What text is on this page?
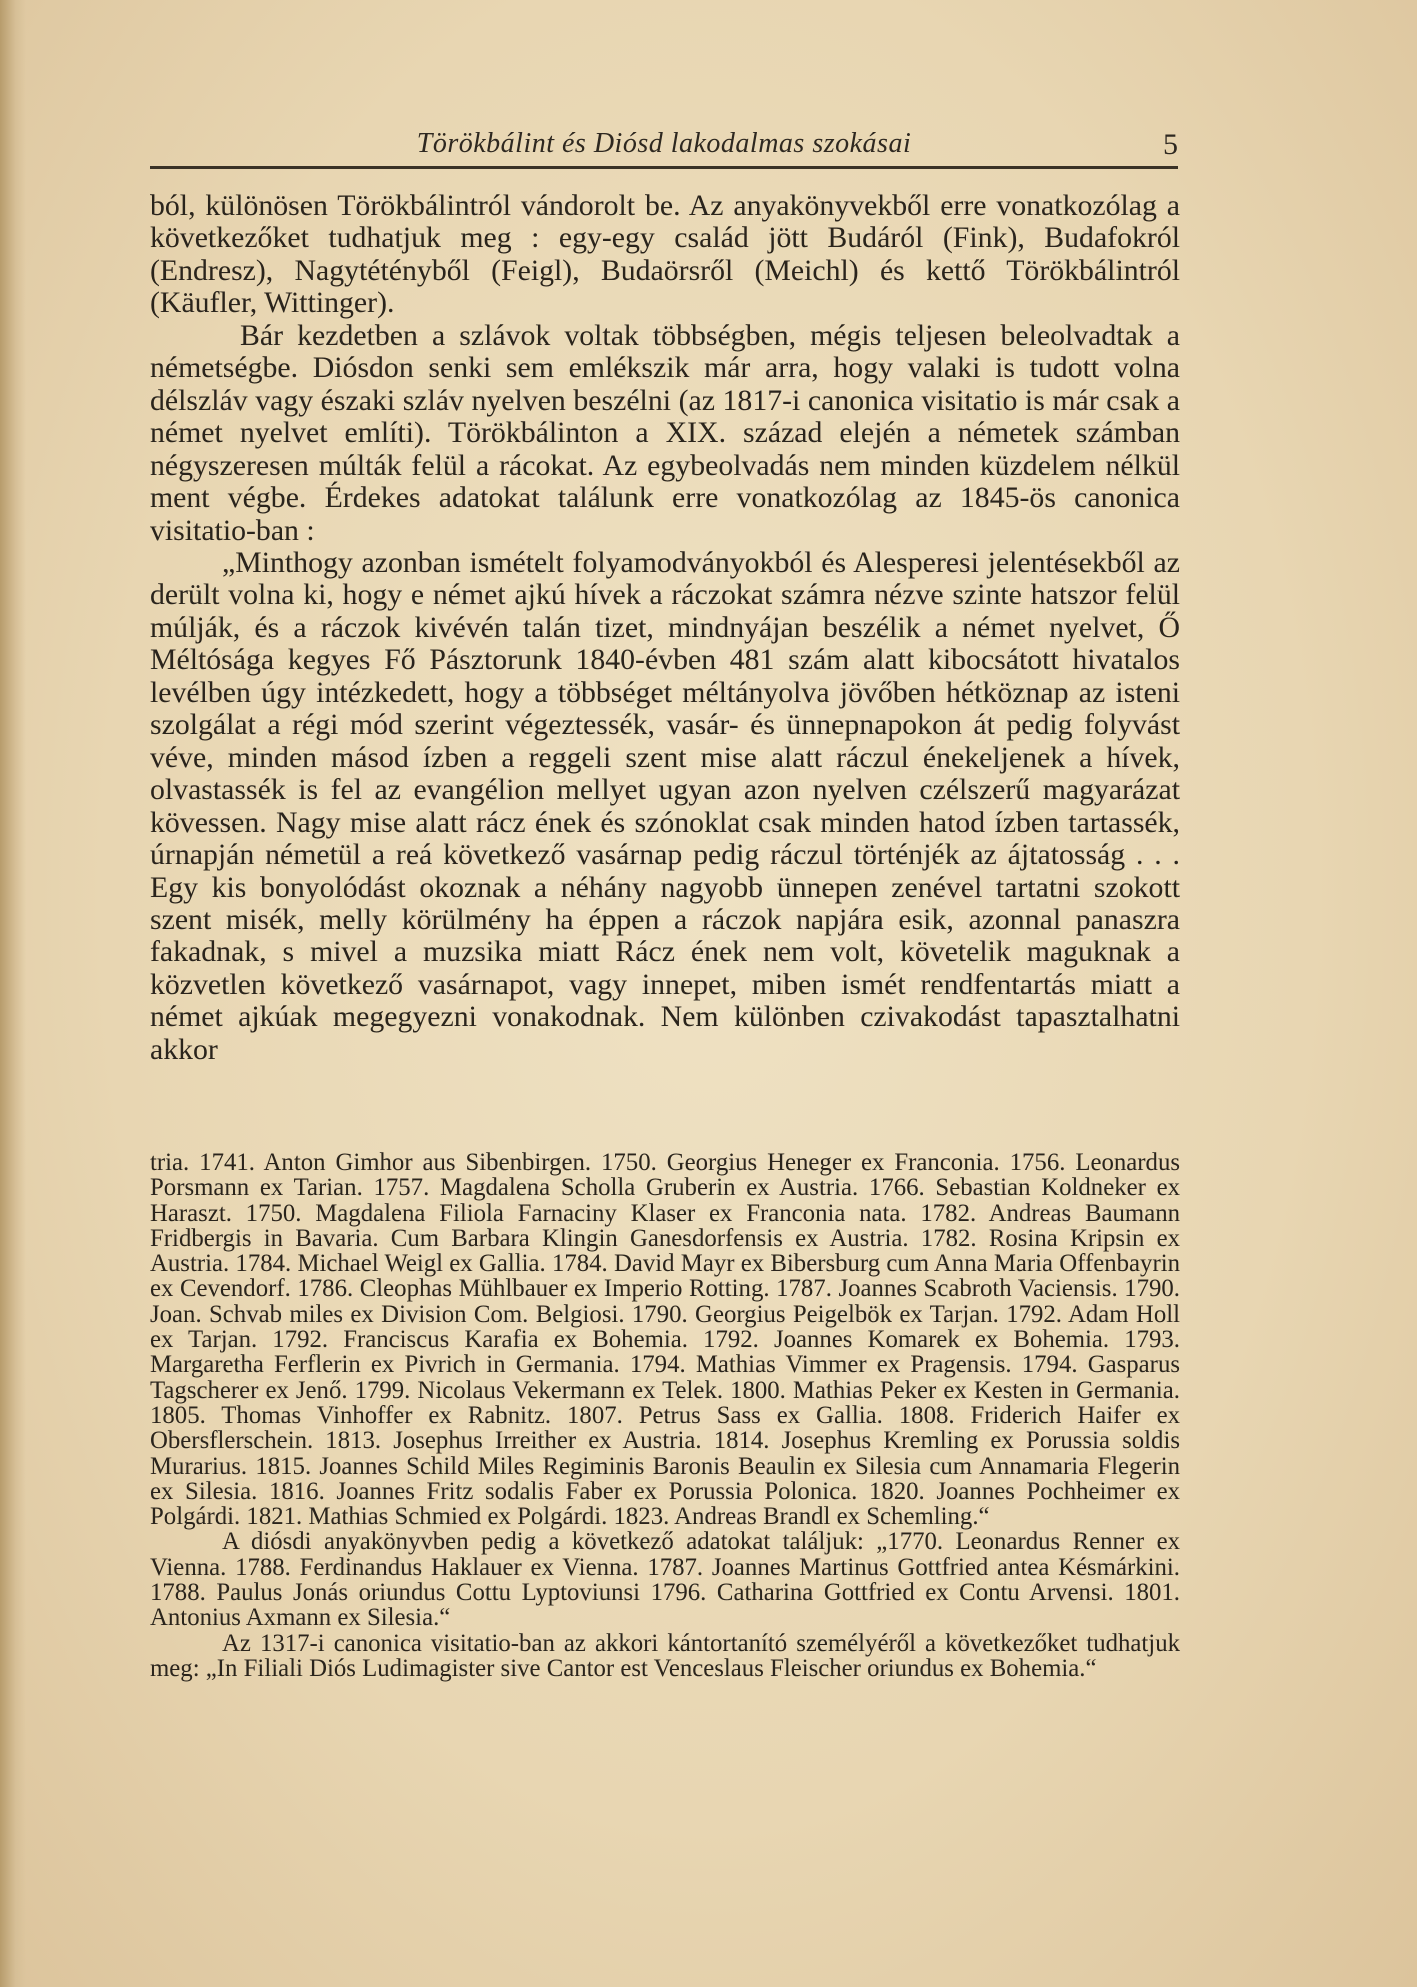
Törökbálint és Diósd lakodalmas szokásai	5

ból, különösen Törökbálintról vándorolt be. Az anyakönyvekből erre vonatkozólag a következőket tudhatjuk meg : egy-egy család jött Budáról (Fink), Budafokról (Endresz), Nagytétényből (Feigl), Budaörsről (Meichl) és kettő Törökbálintról (Käufler, Wittinger).

Bár kezdetben a szlávok voltak többségben, mégis teljesen beleolvadtak a németségbe. Diósdon senki sem emlékszik már arra, hogy valaki is tudott volna délszláv vagy északi szláv nyelven beszélni (az 1817-i canonica visitatio is már csak a német nyelvet említi). Törökbálinton a XIX. század elején a németek számban négyszeresen múlták felül a rácokat. Az egybeolvadás nem minden küzdelem nélkül ment végbe. Érdekes adatokat találunk erre vonatkozólag az 1845-ös canonica visitatio-ban :

„Minthogy azonban ismételt folyamodványokból és Alesperesi jelentésekből az derült volna ki, hogy e német ajkú hívek a ráczokat számra nézve szinte hatszor felül múlják, és a ráczok kivévén talán tizet, mindnyájan beszélik a német nyelvet, Ő Méltósága kegyes Fő Pásztorunk 1840-évben 481 szám alatt kibocsátott hivatalos levélben úgy intézkedett, hogy a többséget méltányolva jövőben hétköznap az isteni szolgálat a régi mód szerint végeztessék, vasár- és ünnepnapokon át pedig folyvást véve, minden másod ízben a reggeli szent mise alatt ráczul énekeljenek a hívek, olvastassék is fel az evangélion mellyet ugyan azon nyelven czélszerű magyarázat kövessen. Nagy mise alatt rácz ének és szónoklat csak minden hatod ízben tartassék, úrnapján németül a reá következő vasárnap pedig ráczul történjék az ájtatosság . . . Egy kis bonyolódást okoznak a néhány nagyobb ünnepen zenével tartatni szokott szent misék, melly körülmény ha éppen a ráczok napjára esik, azonnal panaszra fakadnak, s mivel a muzsika miatt Rácz ének nem volt, követelik maguknak a közvetlen következő vasárnapot, vagy innepet, miben ismét rendfentartás miatt a német ajkúak megegyezni vonakodnak. Nem különben czivakodást tapasztalhatni akkor

tria. 1741. Anton Gimhor aus Sibenbirgen. 1750. Georgius Heneger ex Franconia. 1756. Leonardus Porsmann ex Tarian. 1757. Magdalena Scholla Gruberin ex Austria. 1766. Sebastian Koldneker ex Haraszt. 1750. Magdalena Filiola Farnaciny Klaser ex Franconia nata. 1782. Andreas Baumann Fridbergis in Bavaria. Cum Barbara Klingin Ganesdorfensis ex Austria. 1782. Rosina Kripsin ex Austria. 1784. Michael Weigl ex Gallia. 1784. David Mayr ex Bibersburg cum Anna Maria Offenbayrin ex Cevendorf. 1786. Cleophas Mühlbauer ex Imperio Rotting. 1787. Joannes Scabroth Vaciensis. 1790. Joan. Schvab miles ex Division Com. Belgiosi. 1790. Georgius Peigelbök ex Tarjan. 1792. Adam Holl ex Tarjan. 1792. Franciscus Karafia ex Bohemia. 1792. Joannes Komarek ex Bohemia. 1793. Margaretha Ferflerin ex Pivrich in Germania. 1794. Mathias Vimmer ex Pragensis. 1794. Gasparus Tagscherer ex Jenő. 1799. Nicolaus Vekermann ex Telek. 1800. Mathias Peker ex Kesten in Germania. 1805. Thomas Vinhoffer ex Rabnitz. 1807. Petrus Sass ex Gallia. 1808. Friderich Haifer ex Obersflerschein. 1813. Josephus Irreither ex Austria. 1814. Josephus Kremling ex Porussia soldis Murarius. 1815. Joannes Schild Miles Regiminis Baronis Beaulin ex Silesia cum Annamaria Flegerin ex Silesia. 1816. Joannes Fritz sodalis Faber ex Porussia Polonica. 1820. Joannes Pochheimer ex Polgárdi. 1821. Mathias Schmied ex Polgárdi. 1823. Andreas Brandl ex Schemling.“

A diósdi anyakönyvben pedig a következő adatokat találjuk: „1770. Leonardus Renner ex Vienna. 1788. Ferdinandus Haklauer ex Vienna. 1787. Joannes Martinus Gottfried antea Késmárkini. 1788. Paulus Jonás oriundus Cottu Lyptoviunsi 1796. Catharina Gottfried ex Contu Arvensi. 1801. Antonius Axmann ex Silesia.“

Az 1317-i canonica visitatio-ban az akkori kántortanító személyéről a következőket tudhatjuk meg: „In Filiali Diós Ludimagister sive Cantor est Venceslaus Fleischer oriundus ex Bohemia.“
